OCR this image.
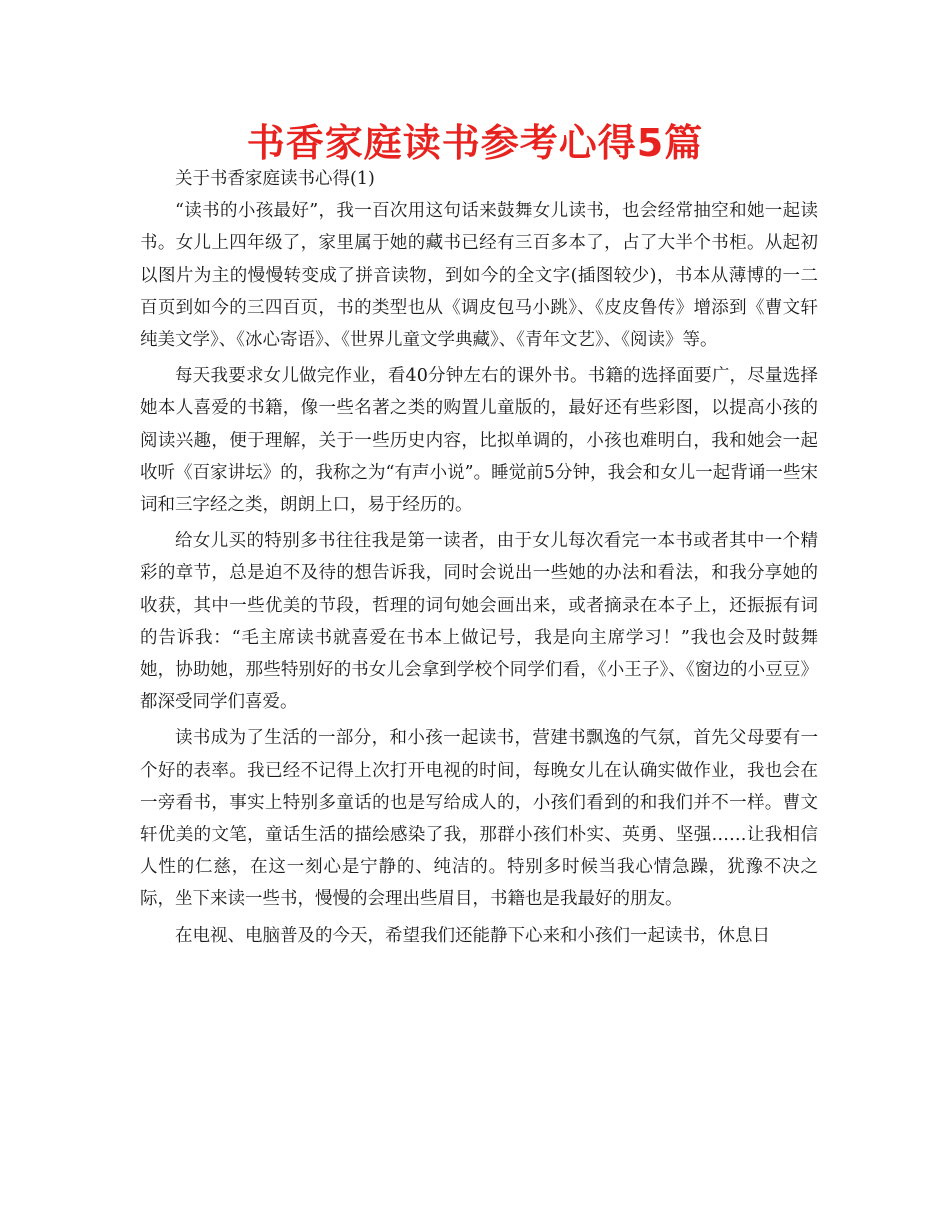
书香家庭读书参考心得5篇

关于书香家庭读书心得(1)

“读书的小孩最好”，我一百次用这句话来鼓舞女儿读书，也会经常抽空和她一起读书。女儿上四年级了，家里属于她的藏书已经有三百多本了，占了大半个书柜。从起初以图片为主的慢慢转变成了拼音读物，到如今的全文字(插图较少)，书本从薄博的一二百页到如今的三四百页，书的类型也从《调皮包马小跳》、《皮皮鲁传》增添到《曹文轩纯美文学》、《冰心寄语》、《世界儿童文学典藏》、《青年文艺》、《阅读》等。

每天我要求女儿做完作业，看40分钟左右的课外书。书籍的选择面要广，尽量选择她本人喜爱的书籍，像一些名著之类的购置儿童版的，最好还有些彩图，以提高小孩的阅读兴趣，便于理解，关于一些历史内容，比拟单调的，小孩也难明白，我和她会一起收听《百家讲坛》的，我称之为“有声小说”。睡觉前5分钟，我会和女儿一起背诵一些宋词和三字经之类，朗朗上口，易于经历的。

给女儿买的特别多书往往我是第一读者，由于女儿每次看完一本书或者其中一个精彩的章节，总是迫不及待的想告诉我，同时会说出一些她的办法和看法，和我分享她的收获，其中一些优美的节段，哲理的词句她会画出来，或者摘录在本子上，还振振有词的告诉我：“毛主席读书就喜爱在书本上做记号，我是向主席学习！”我也会及时鼓舞她，协助她，那些特别好的书女儿会拿到学校个同学们看，《小王子》、《窗边的小豆豆》都深受同学们喜爱。

读书成为了生活的一部分，和小孩一起读书，营建书飘逸的气氛，首先父母要有一个好的表率。我已经不记得上次打开电视的时间，每晚女儿在认确实做作业，我也会在一旁看书，事实上特别多童话的也是写给成人的，小孩们看到的和我们并不一样。曹文轩优美的文笔，童话生活的描绘感染了我，那群小孩们朴实、英勇、坚强……让我相信人性的仁慈，在这一刻心是宁静的、纯洁的。特别多时候当我心情急躁，犹豫不决之际，坐下来读一些书，慢慢的会理出些眉目，书籍也是我最好的朋友。

在电视、电脑普及的今天，希望我们还能静下心来和小孩们一起读书，休息日
